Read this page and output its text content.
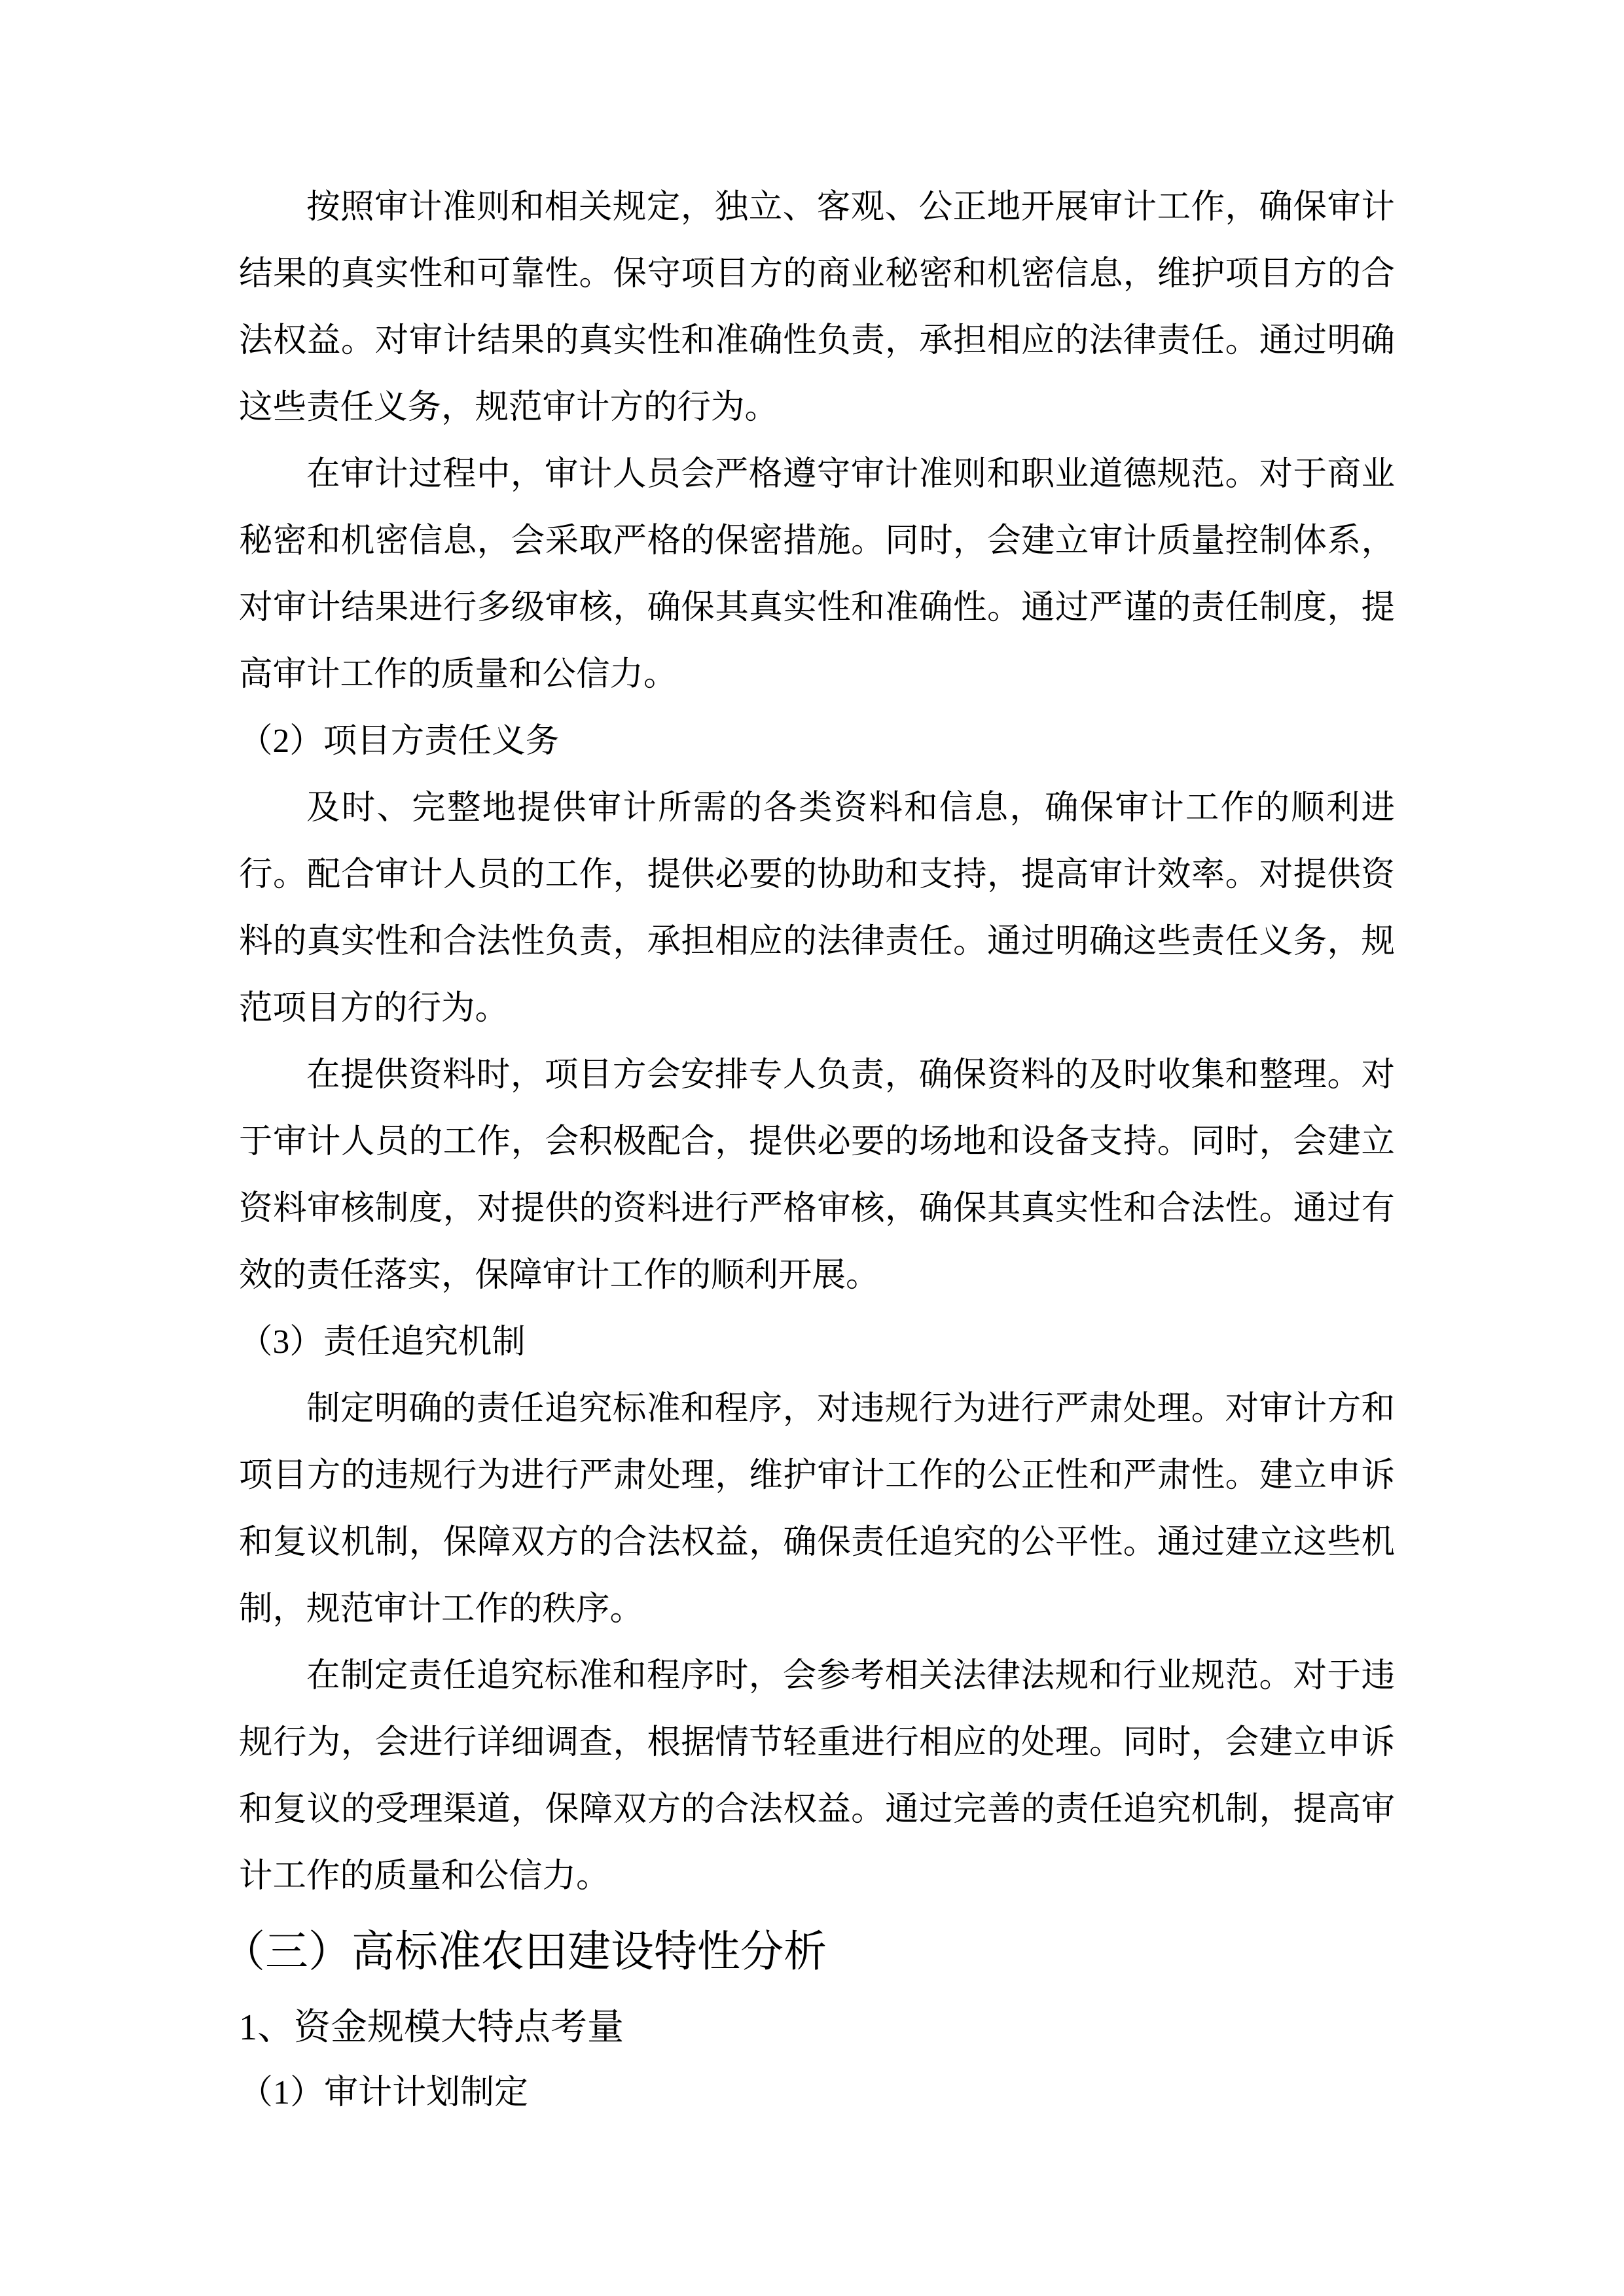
按照审计准则和相关规定，独立、客观、公正地开展审计工作，确保审计结果的真实性和可靠性。保守项目方的商业秘密和机密信息，维护项目方的合法权益。对审计结果的真实性和准确性负责，承担相应的法律责任。通过明确这些责任义务，规范审计方的行为。

在审计过程中，审计人员会严格遵守审计准则和职业道德规范。对于商业秘密和机密信息，会采取严格的保密措施。同时，会建立审计质量控制体系，对审计结果进行多级审核，确保其真实性和准确性。通过严谨的责任制度，提高审计工作的质量和公信力。

（2）项目方责任义务

及时、完整地提供审计所需的各类资料和信息，确保审计工作的顺利进行。配合审计人员的工作，提供必要的协助和支持，提高审计效率。对提供资料的真实性和合法性负责，承担相应的法律责任。通过明确这些责任义务，规范项目方的行为。

在提供资料时，项目方会安排专人负责，确保资料的及时收集和整理。对于审计人员的工作，会积极配合，提供必要的场地和设备支持。同时，会建立资料审核制度，对提供的资料进行严格审核，确保其真实性和合法性。通过有效的责任落实，保障审计工作的顺利开展。

（3）责任追究机制

制定明确的责任追究标准和程序，对违规行为进行严肃处理。对审计方和项目方的违规行为进行严肃处理，维护审计工作的公正性和严肃性。建立申诉和复议机制，保障双方的合法权益，确保责任追究的公平性。通过建立这些机制，规范审计工作的秩序。

在制定责任追究标准和程序时，会参考相关法律法规和行业规范。对于违规行为，会进行详细调查，根据情节轻重进行相应的处理。同时，会建立申诉和复议的受理渠道，保障双方的合法权益。通过完善的责任追究机制，提高审计工作的质量和公信力。

（三）高标准农田建设特性分析
1、资金规模大特点考量
（1）审计计划制定
